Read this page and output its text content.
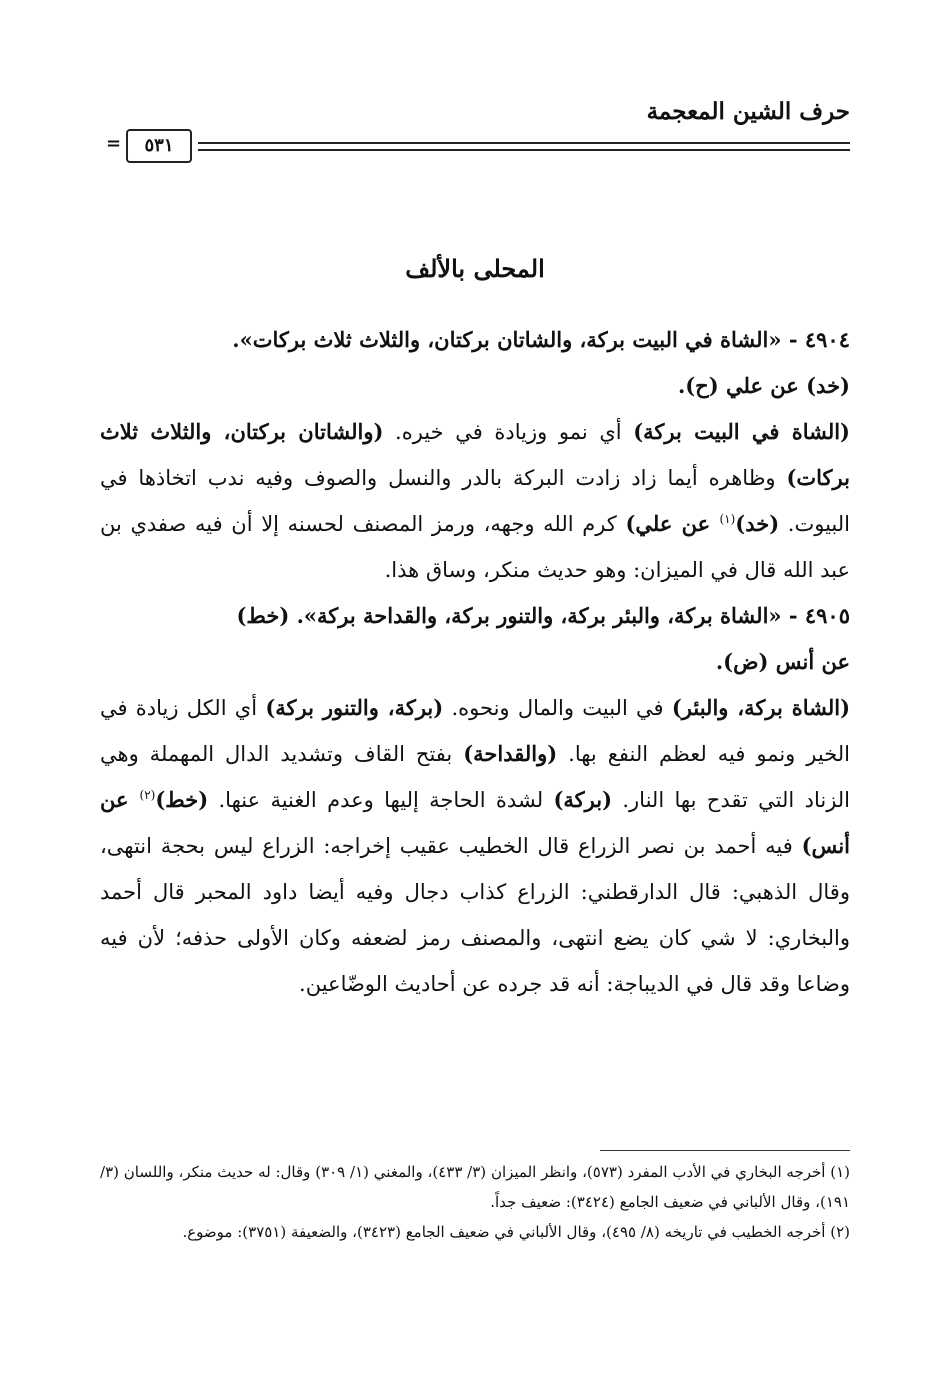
حرف الشين المعجمة
٥٣١
=
المحلى بالألف

٤٩٠٤ - «الشاة في البيت بركة، والشاتان بركتان، والثلاث ثلاث بركات».

(خد) عن علي (ح).

(الشاة في البيت بركة) أي نمو وزيادة في خيره. (والشاتان بركتان، والثلاث ثلاث بركات) وظاهره أيما زاد زادت البركة بالدر والنسل والصوف وفيه ندب اتخاذها في البيوت. (خد)$^{(١)}$ عن علي) كرم الله وجهه، ورمز المصنف لحسنه إلا أن فيه صفدي بن عبد الله قال في الميزان: وهو حديث منكر، وساق هذا.

٤٩٠٥ - «الشاة بركة، والبئر بركة، والتنور بركة، والقداحة بركة». (خط)

عن أنس (ض).

(الشاة بركة، والبئر) في البيت والمال ونحوه. (بركة، والتنور بركة) أي الكل زيادة في الخير ونمو فيه لعظم النفع بها. (والقداحة) بفتح القاف وتشديد الدال المهملة وهي الزناد التي تقدح بها النار. (بركة) لشدة الحاجة إليها وعدم الغنية عنها. (خط)$^{(٢)}$ عن أنس) فيه أحمد بن نصر الزراع قال الخطيب عقيب إخراجه: الزراع ليس بحجة انتهى، وقال الذهبي: قال الدارقطني: الزراع كذاب دجال وفيه أيضا داود المحبر قال أحمد والبخاري: لا شي كان يضع انتهى، والمصنف رمز لضعفه وكان الأولى حذفه؛ لأن فيه وضاعا وقد قال في الديباجة: أنه قد جرده عن أحاديث الوضّاعين.

(١) أخرجه البخاري في الأدب المفرد (٥٧٣)، وانظر الميزان (٣/ ٤٣٣)، والمغني (١/ ٣٠٩) وقال: له حديث منكر، واللسان (٣/ ١٩١)، وقال الألباني في ضعيف الجامع (٣٤٢٤): ضعيف جداً.

(٢) أخرجه الخطيب في تاريخه (٨/ ٤٩٥)، وقال الألباني في ضعيف الجامع (٣٤٢٣)، والضعيفة (٣٧٥١): موضوع.
